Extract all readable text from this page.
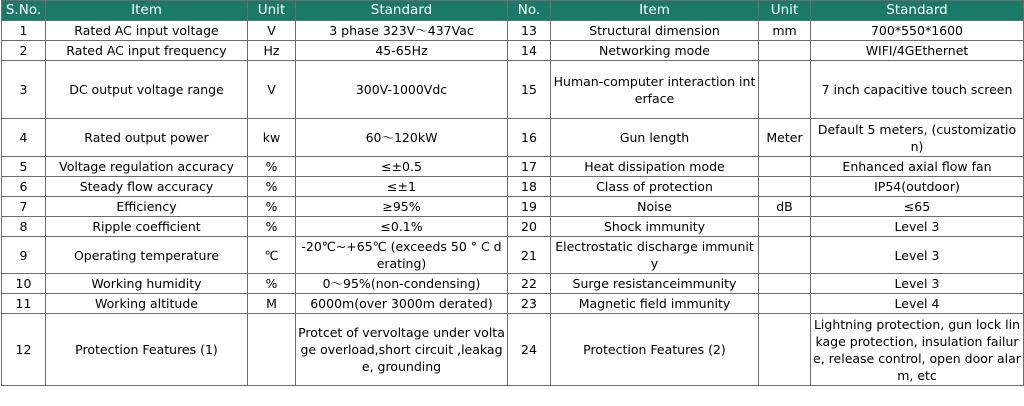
S.No.	Item	Unit	Standard	No.	Item	Unit	Standard
1	Rated AC input voltage	V	3 phase 323V～437Vac	13	Structural dimension	mm	700*550*1600
2	Rated AC input frequency	Hz	45-65Hz	14	Networking mode		WIFI/4GEthernet
3	DC output voltage range	V	300V-1000Vdc	15	Human-computer interaction interface		7 inch capacitive touch screen
4	Rated output power	kw	60～120kW	16	Gun length	Meter	Default 5 meters, (customization)
5	Voltage regulation accuracy	%	≤±0.5	17	Heat dissipation mode		Enhanced axial flow fan
6	Steady flow accuracy	%	≤±1	18	Class of protection		IP54(outdoor)
7	Efficiency	%	≥95%	19	Noise	dB	≤65
8	Ripple coefficient	%	≤0.1%	20	Shock immunity		Level 3
9	Operating temperature	℃	-20℃~+65℃ (exceeds 50 ° C derating)	21	Electrostatic discharge immunity		Level 3
10	Working humidity	%	0～95%(non-condensing)	22	Surge resistanceimmunity		Level 3
11	Working altitude	M	6000m(over 3000m derated)	23	Magnetic field immunity		Level 4
12	Protection Features (1)		Protcet of vervoltage under voltage overload,short circuit ,leakage, grounding	24	Protection Features (2)		Lightning protection, gun lock linkage protection, insulation failure, release control, open door alarm, etc
